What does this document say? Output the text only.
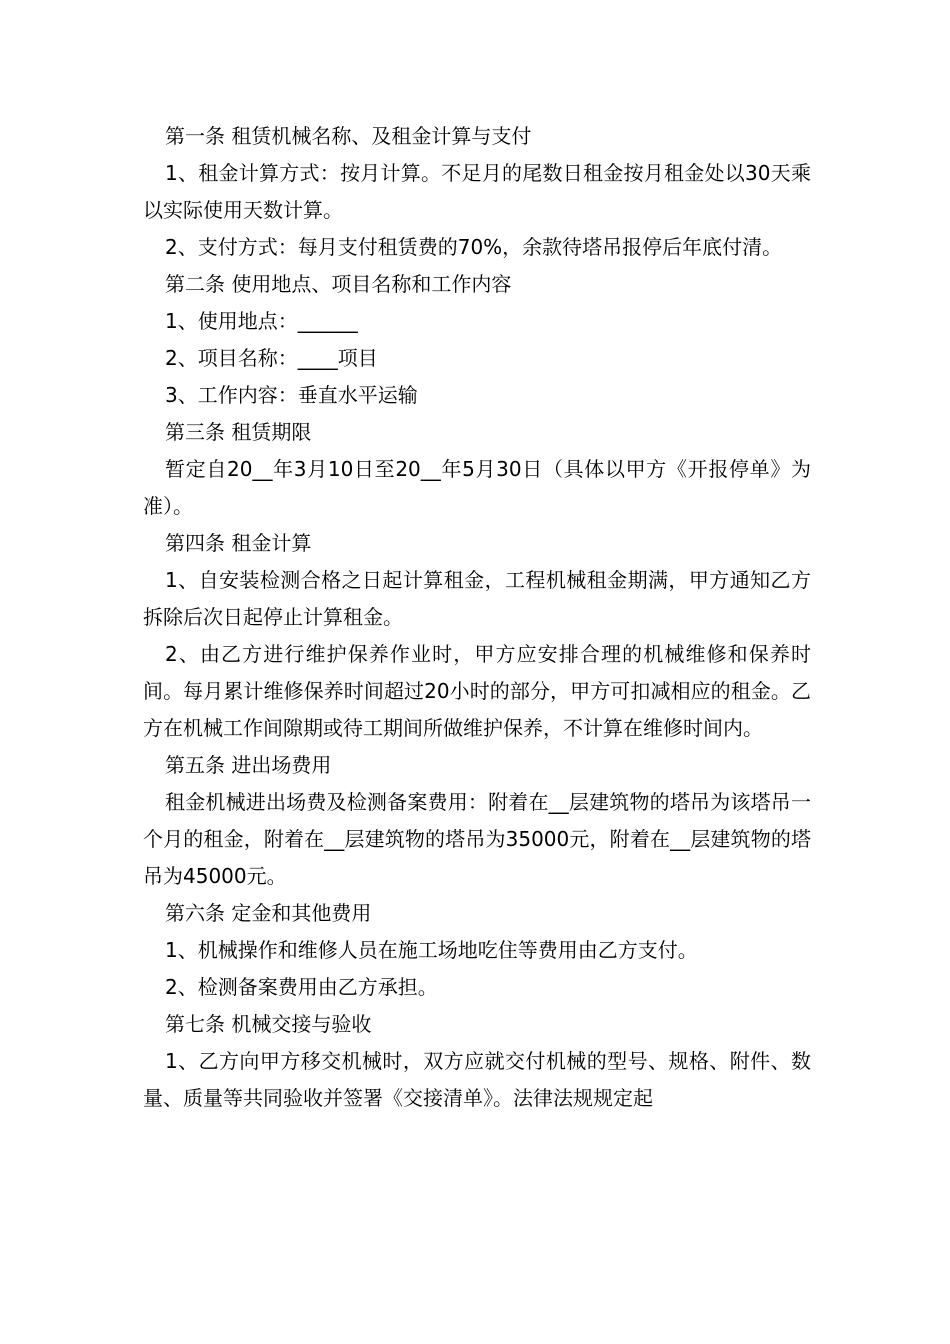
第一条 租赁机械名称、及租金计算与支付

1、租金计算方式：按月计算。不足月的尾数日租金按月租金处以30天乘以实际使用天数计算。

2、支付方式：每月支付租赁费的70%，余款待塔吊报停后年底付清。

第二条 使用地点、项目名称和工作内容

1、使用地点：______

2、项目名称：____项目

3、工作内容：垂直水平运输

第三条 租赁期限

暂定自20__年3月10日至20__年5月30日（具体以甲方《开报停单》为准）。

第四条 租金计算

1、自安装检测合格之日起计算租金，工程机械租金期满，甲方通知乙方拆除后次日起停止计算租金。

2、由乙方进行维护保养作业时，甲方应安排合理的机械维修和保养时间。每月累计维修保养时间超过20小时的部分，甲方可扣减相应的租金。乙方在机械工作间隙期或待工期间所做维护保养，不计算在维修时间内。

第五条 进出场费用

租金机械进出场费及检测备案费用：附着在__层建筑物的塔吊为该塔吊一个月的租金，附着在__层建筑物的塔吊为35000元，附着在__层建筑物的塔吊为45000元。

第六条 定金和其他费用

1、机械操作和维修人员在施工场地吃住等费用由乙方支付。

2、检测备案费用由乙方承担。

第七条 机械交接与验收

1、乙方向甲方移交机械时，双方应就交付机械的型号、规格、附件、数量、质量等共同验收并签署《交接清单》。法律法规规定起
